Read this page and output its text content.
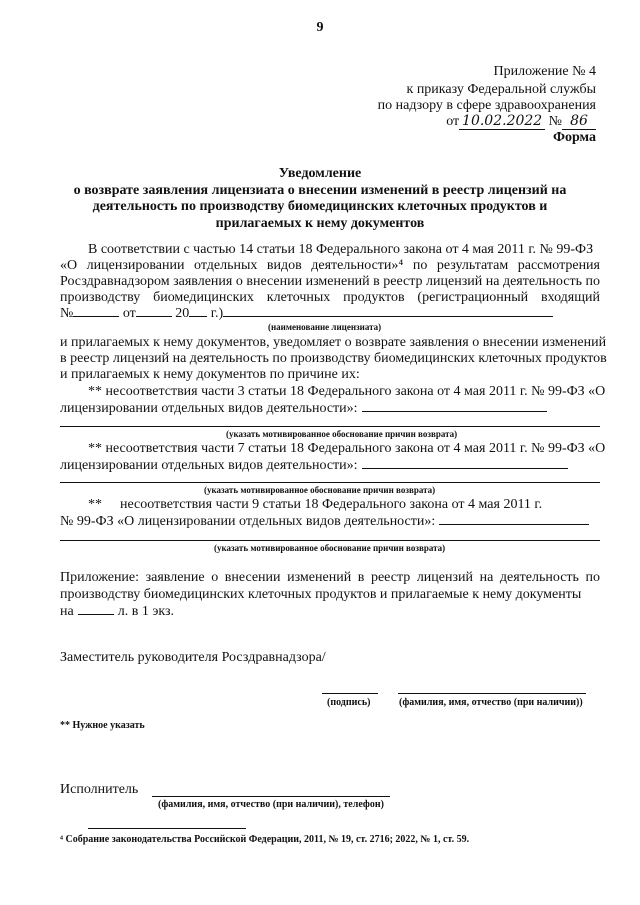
9
Приложение № 4
к приказу Федеральной службы
по надзору в сфере здравоохранения
от 10.02.2022 № 86
Форма
Уведомление
о возврате заявления лицензиата о внесении изменений в реестр лицензий на
деятельность по производству биомедицинских клеточных продуктов и
прилагаемых к нему документов
В соответствии с частью 14 статьи 18 Федерального закона от 4 мая 2011 г. № 99-ФЗ
«О лицензировании отдельных видов деятельности»⁴ по результатам рассмотрения
Росздравнадзором заявления о внесении изменений в реестр лицензий на деятельность по
производству биомедицинских клеточных продуктов (регистрационный входящий
№	от	20 г.)
(наименование лицензиата)
и прилагаемых к нему документов, уведомляет о возврате заявления о внесении изменений
в реестр лицензий на деятельность по производству биомедицинских клеточных продуктов
и прилагаемых к нему документов по причине их:
** несоответствия части 3 статьи 18 Федерального закона от 4 мая 2011 г. № 99-ФЗ «О
лицензировании отдельных видов деятельности»:
(указать мотивированное обоснование причин возврата)
** несоответствия части 7 статьи 18 Федерального закона от 4 мая 2011 г. № 99-ФЗ «О
лицензировании отдельных видов деятельности»:
(указать мотивированное обоснование причин возврата)
** несоответствия части 9 статьи 18 Федерального закона от 4 мая 2011 г.
№ 99-ФЗ «О лицензировании отдельных видов деятельности»:
(указать мотивированное обоснование причин возврата)
Приложение: заявление о внесении изменений в реестр лицензий на деятельность по
производству биомедицинских клеточных продуктов и прилагаемые к нему документы
на	л. в 1 экз.
Заместитель руководителя Росздравнадзора/
(подпись)	(фамилия, имя, отчество (при наличии))
** Нужное указать
Исполнитель
(фамилия, имя, отчество (при наличии), телефон)
⁴ Собрание законодательства Российской Федерации, 2011, № 19, ст. 2716; 2022, № 1, ст. 59.
